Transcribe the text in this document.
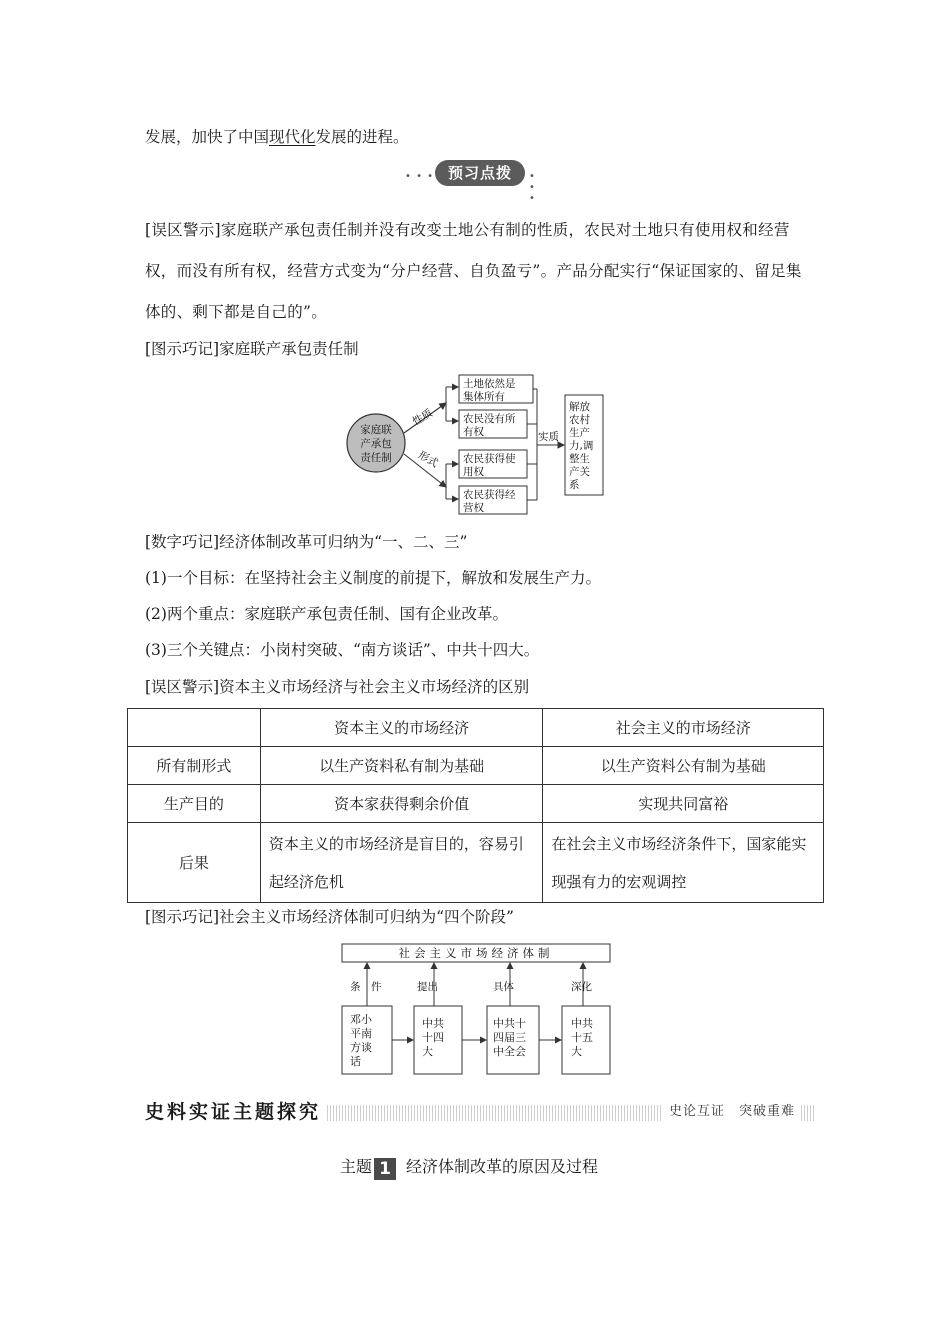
发展，加快了中国现代化发展的进程。
• • • 预习点拨	• • •
[误区警示]家庭联产承包责任制并没有改变土地公有制的性质，农民对土地只有使用权和经营权，而没有所有权，经营方式变为“分户经营、自负盈亏”。产品分配实行“保证国家的、留足集体的、剩下都是自己的”。
[图示巧记]家庭联产承包责任制
家庭联
产承包
责任制
性质
形式
土地依然是
集体所有
农民没有所
有权
农民获得使
用权
农民获得经
营权
实质
解放
农村
生产
力,调
整生
产关
系
[数字巧记]经济体制改革可归纳为“一、二、三”
(1)一个目标：在坚持社会主义制度的前提下，解放和发展生产力。
(2)两个重点：家庭联产承包责任制、国有企业改革。
(3)三个关键点：小岗村突破、“南方谈话”、中共十四大。
[误区警示]资本主义市场经济与社会主义市场经济的区别
	资本主义的市场经济	社会主义的市场经济
所有制形式	以生产资料私有制为基础	以生产资料公有制为基础
生产目的	资本家获得剩余价值	实现共同富裕
后果	资本主义的市场经济是盲目的，容易引起经济危机	在社会主义市场经济条件下，国家能实现强有力的宏观调控
[图示巧记]社会主义市场经济体制可归纳为“四个阶段”
社会主义市场经济体制
条　件	提出	具体	深化
邓小
平南
方谈
话
中共
十四
大
中共十
四届三
中全会
中共
十五
大
史料实证主题探究	史论互证　突破重难
主题 1 经济体制改革的原因及过程
